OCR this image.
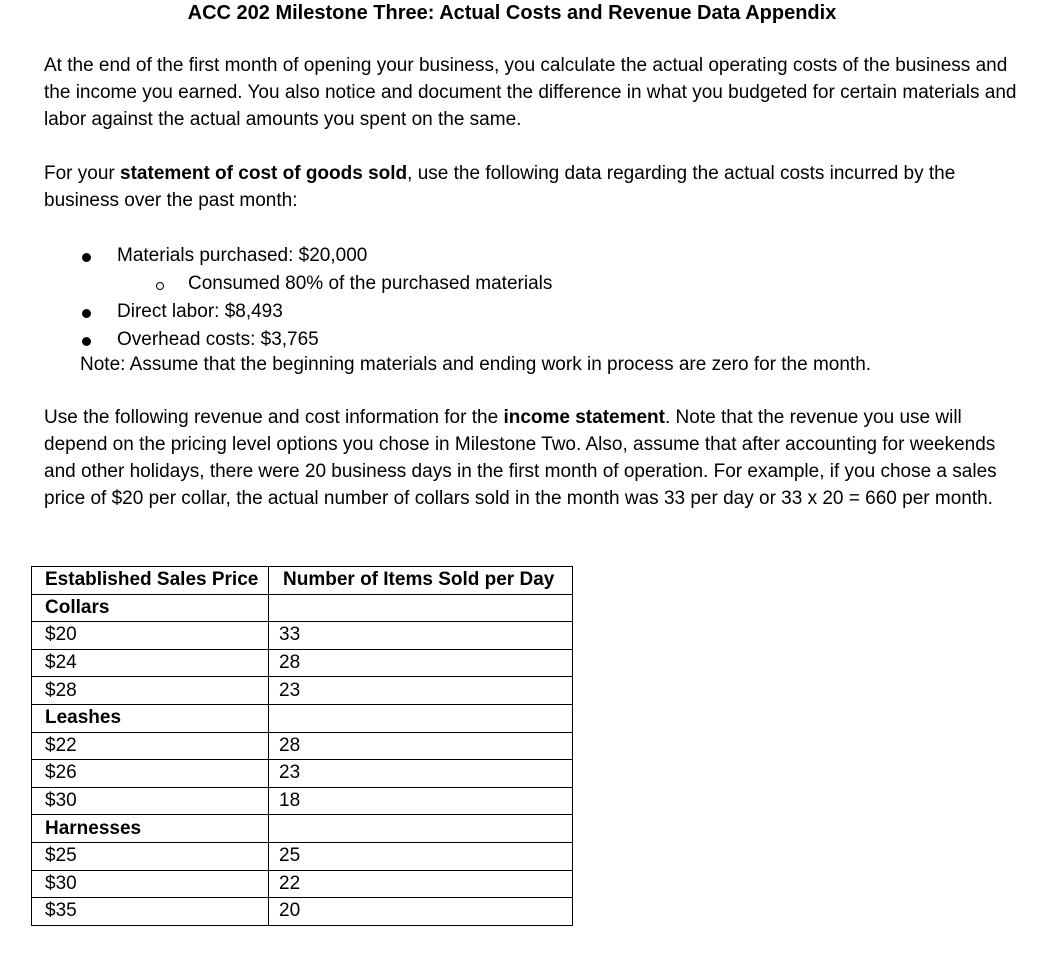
ACC 202 Milestone Three: Actual Costs and Revenue Data Appendix

At the end of the first month of opening your business, you calculate the actual operating costs of the business and the income you earned. You also notice and document the difference in what you budgeted for certain materials and labor against the actual amounts you spent on the same.

For your statement of cost of goods sold, use the following data regarding the actual costs incurred by the business over the past month:

Materials purchased: $20,000
Consumed 80% of the purchased materials
Direct labor: $8,493
Overhead costs: $3,765
Note: Assume that the beginning materials and ending work in process are zero for the month.

Use the following revenue and cost information for the income statement. Note that the revenue you use will depend on the pricing level options you chose in Milestone Two. Also, assume that after accounting for weekends and other holidays, there were 20 business days in the first month of operation. For example, if you chose a sales price of $20 per collar, the actual number of collars sold in the month was 33 per day or 33 x 20 = 660 per month.

Established Sales Price	Number of Items Sold per Day
Collars	
$20	33
$24	28
$28	23
Leashes	
$22	28
$26	23
$30	18
Harnesses	
$25	25
$30	22
$35	20
